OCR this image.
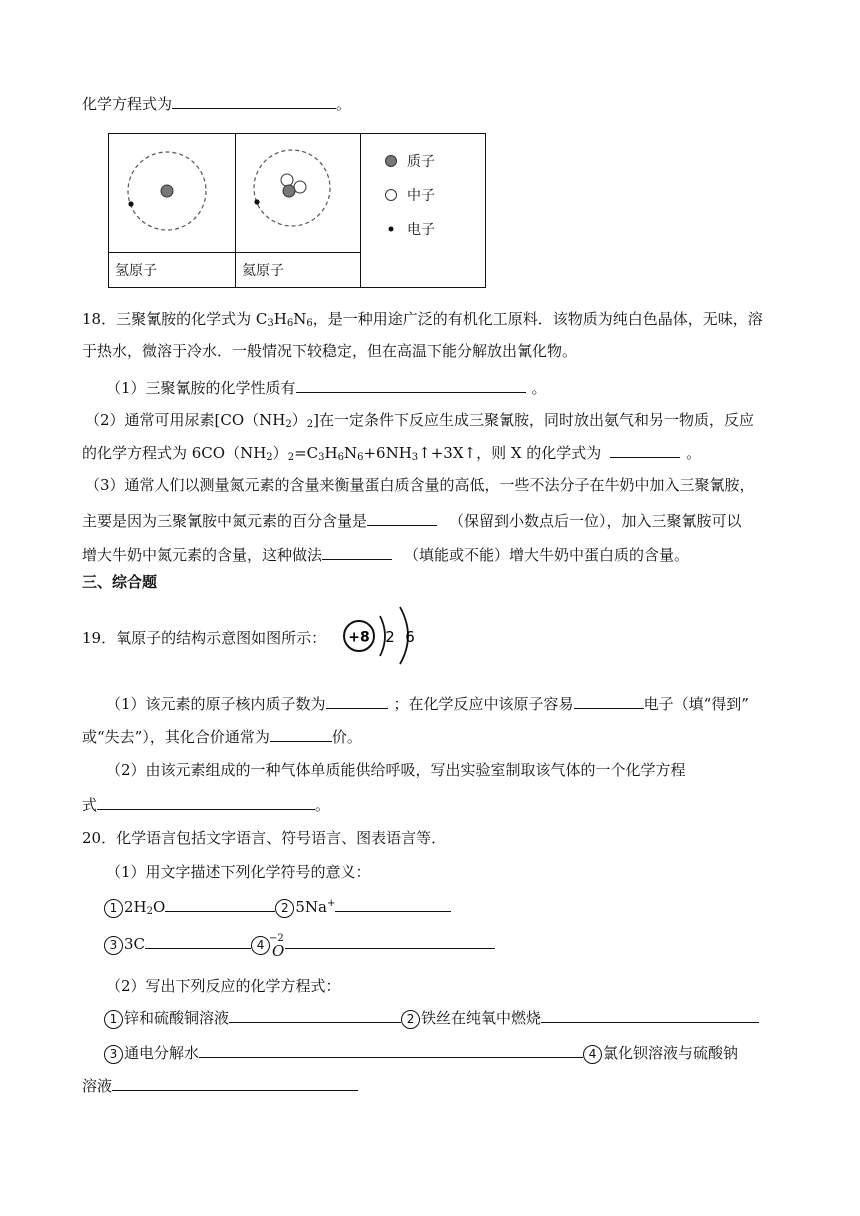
化学方程式为	。

质子
中子
电子

氢原子	氦原子	
18．三聚氰胺的化学式为 $C_3H_6N_6$，是一种用途广泛的有机化工原料．该物质为纯白色晶体，无味，溶
于热水，微溶于冷水．一般情况下较稳定，但在高温下能分解放出氰化物。
（1）三聚氰胺的化学性质有	。
（2）通常可用尿素$[CO(NH_2)_2]$在一定条件下反应生成三聚氰胺，同时放出氨气和另一物质，反应
的化学方程式为 $6CO(NH_2)_2=C_3H_6N_6+6NH_3↑+3X↑$，则 X 的化学式为	。
（3）通常人们以测量氮元素的含量来衡量蛋白质含量的高低，一些不法分子在牛奶中加入三聚氰胺，
主要是因为三聚氰胺中氮元素的百分含量是	（保留到小数点后一位），加入三聚氰胺可以
增大牛奶中氮元素的含量，这种做法	（填能或不能）增大牛奶中蛋白质的含量。
三、综合题
19．氧原子的结构示意图如图所示： +8 2 6
（1）该元素的原子核内质子数为	；在化学反应中该原子容易	电子（填“得到”
或“失去”），其化合价通常为	价。
（2）由该元素组成的一种气体单质能供给呼吸，写出实验室制取该气体的一个化学方程
式	。
20．化学语言包括文字语言、符号语言、图表语言等．
（1）用文字描述下列化学符号的意义：
1 $2H_2O$	2 5Na+
3 3C	4 −2
O
（2）写出下列反应的化学方程式：
1 锌和硫酸铜溶液	2 铁丝在纯氧中燃烧
3 通电分解水	4 氯化钡溶液与硫酸钠
溶液
